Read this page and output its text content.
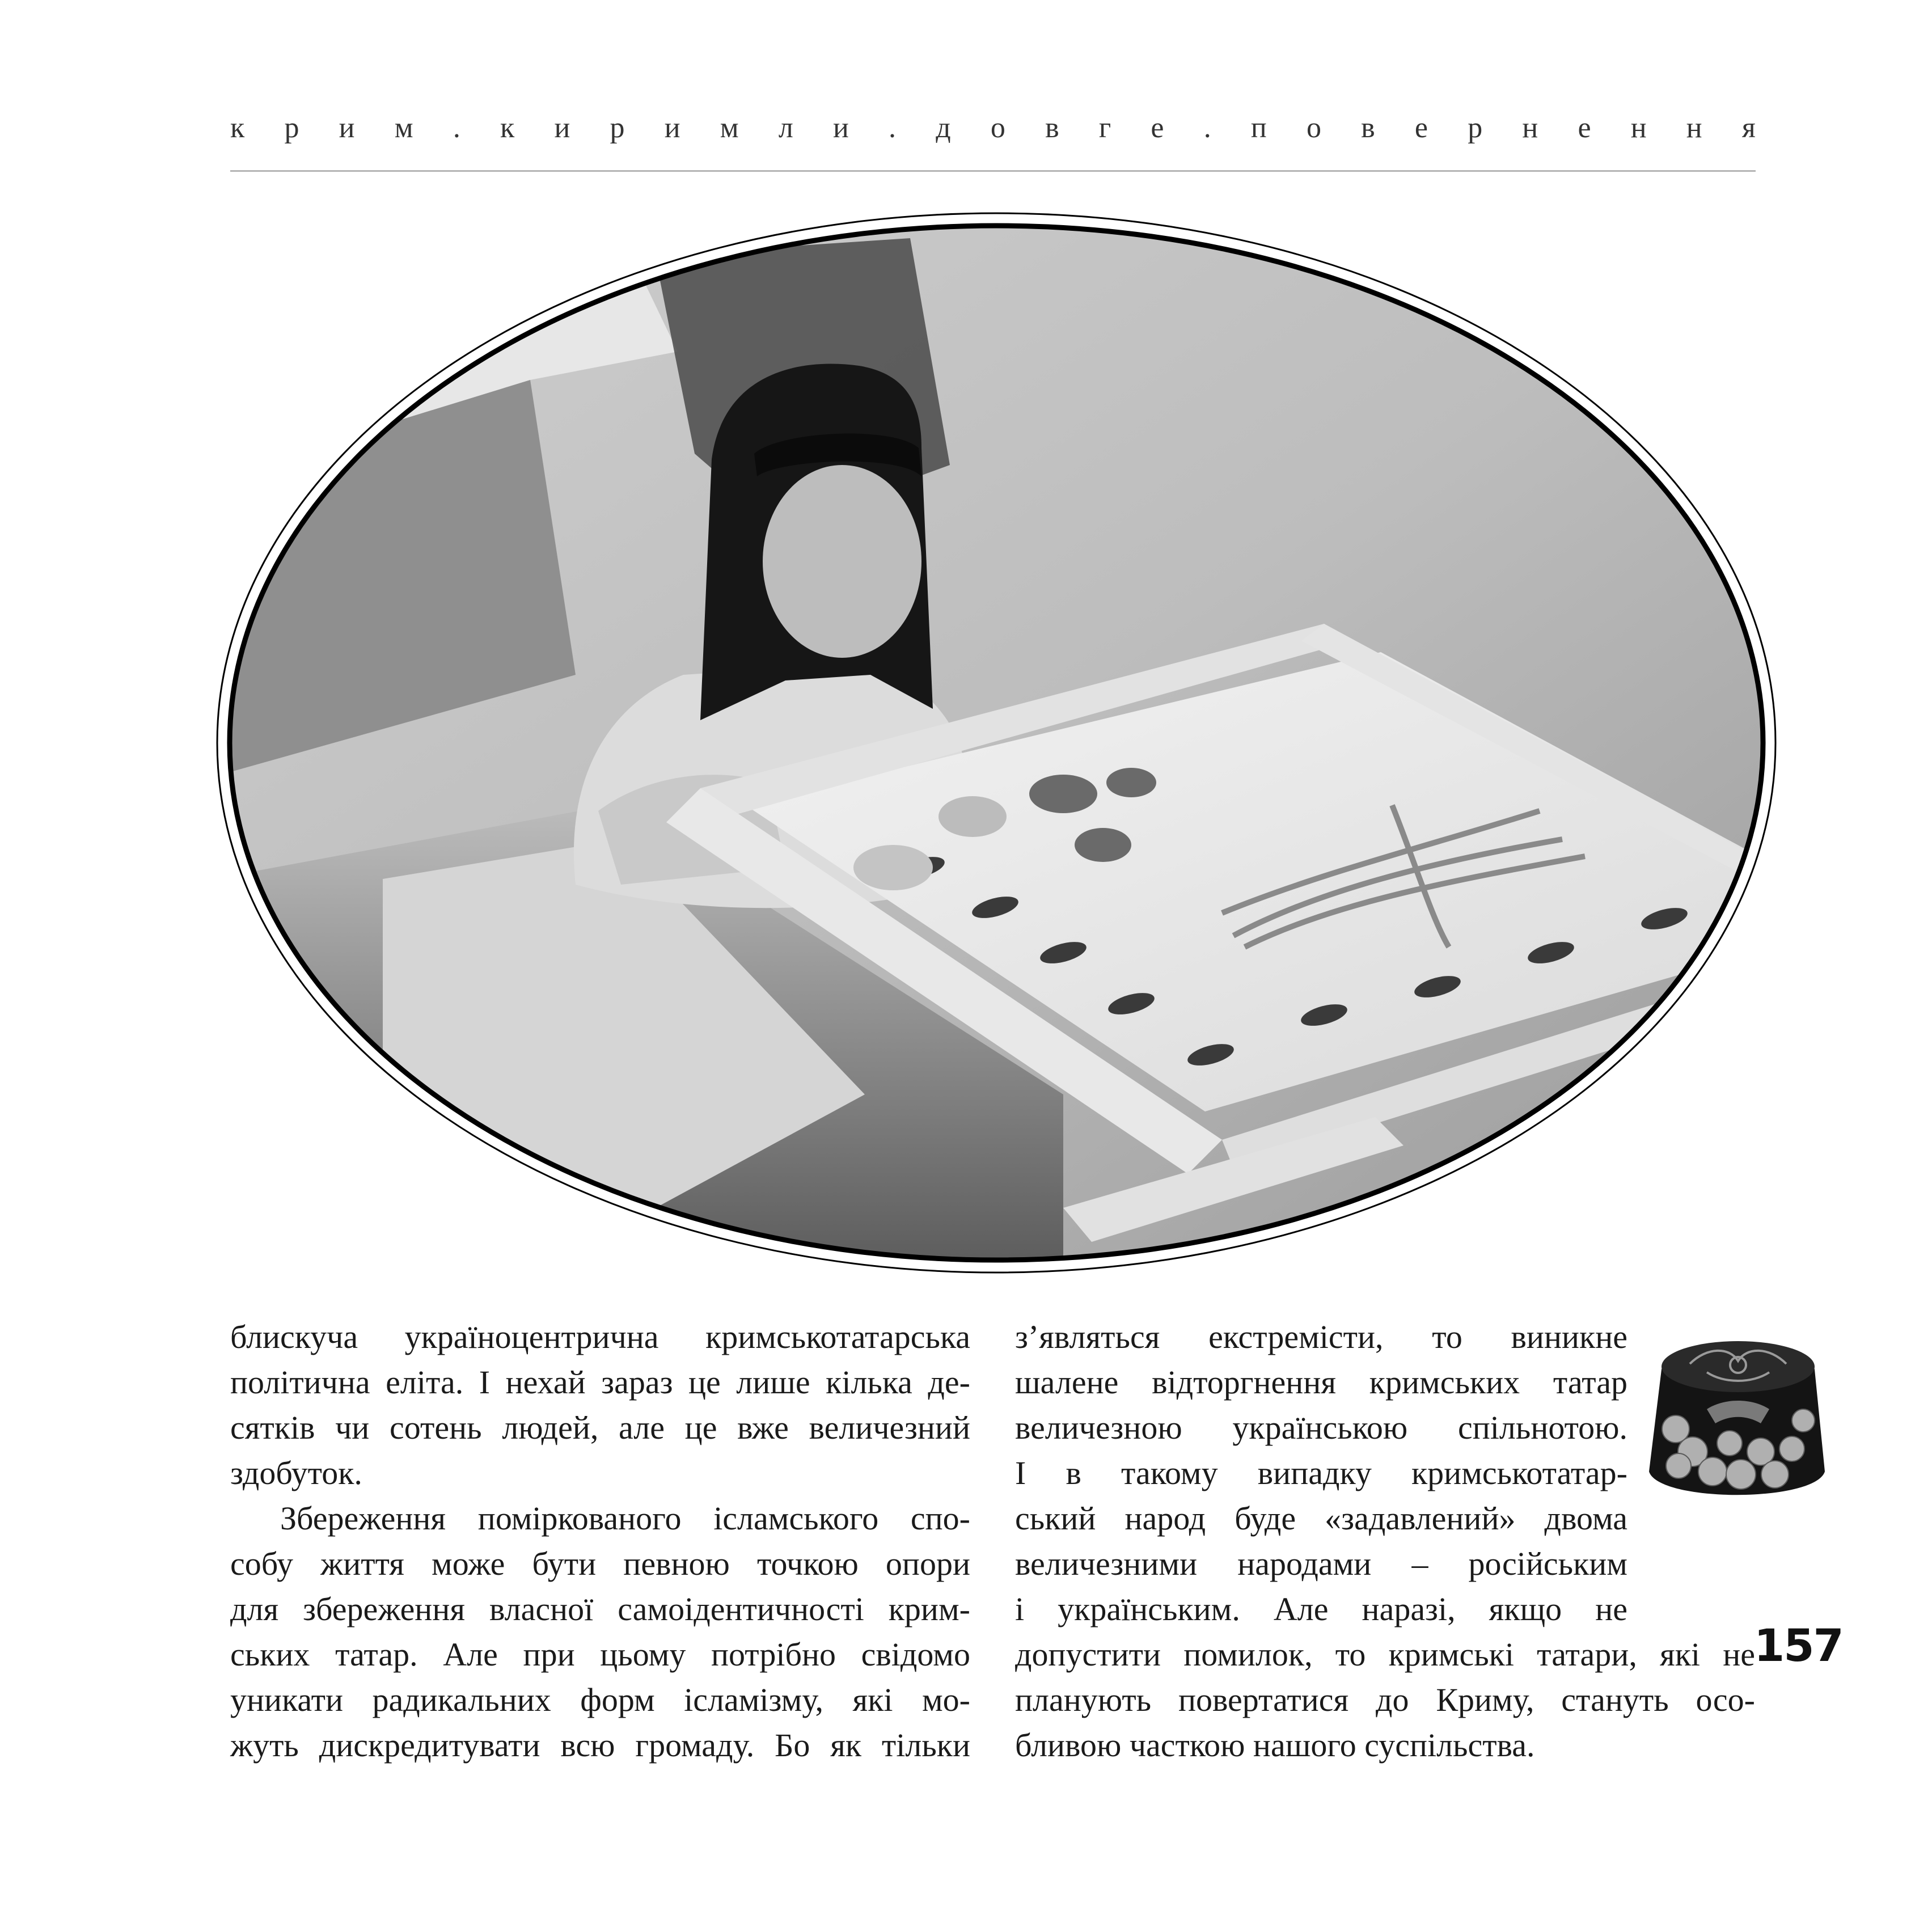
к р и м . к и р и м л и . д о в г е . п о в е р н е н н я

блискуча україноцентрична кримськотатарська
політична еліта. І нехай зараз це лише кілька де-
сятків чи сотень людей, але це вже величезний
здобуток.

Збереження поміркованого ісламського спо-
собу життя може бути певною точкою опори
для збереження власної самоідентичності крим-
ських татар. Але при цьому потрібно свідомо
уникати радикальних форм ісламізму, які мо-
жуть дискредитувати всю громаду. Бо як тільки

з’являться екстремісти, то виникне
шалене відторгнення кримських татар
величезною українською спільнотою.
І в такому випадку кримськотатар-
ський народ буде «задавлений» двома
величезними народами – російським
і українським. Але наразі, якщо не
допустити помилок, то кримські татари, які не
планують повертатися до Криму, стануть осо-
бливою часткою нашого суспільства.

157
